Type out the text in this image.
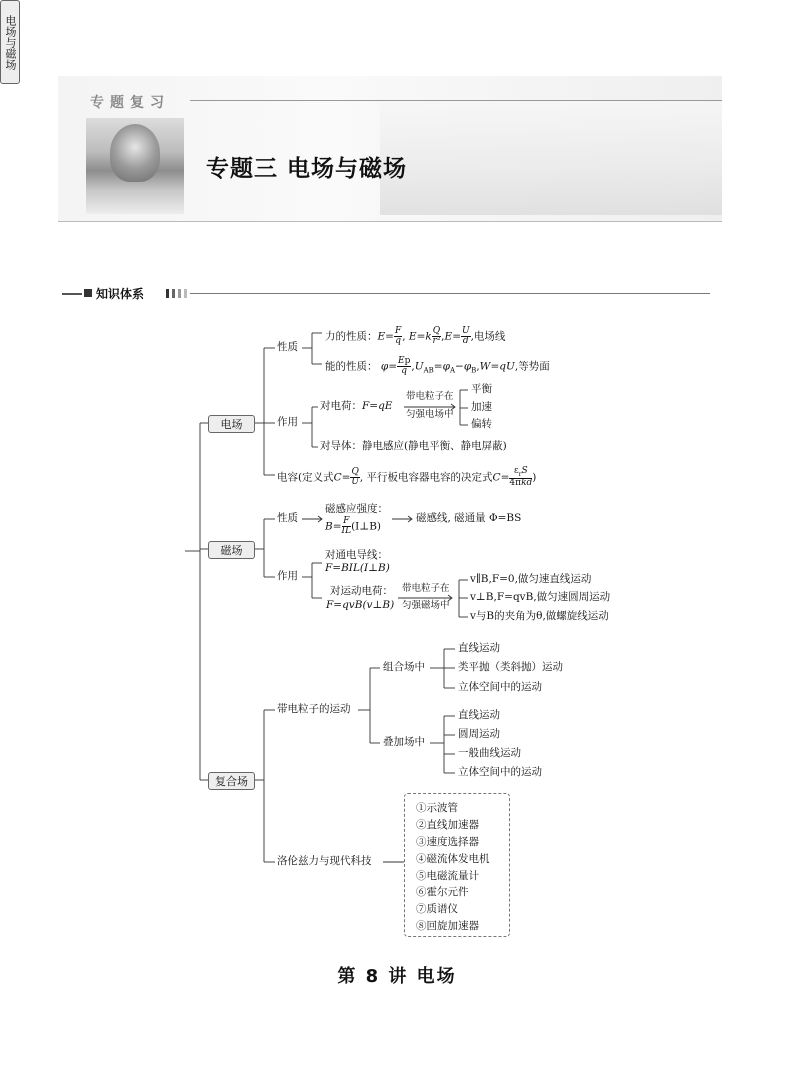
专题复习
专题三 电场与磁场
知识体系
电场与磁场
电场
磁场
复合场
性质
力的性质：$E= \frac{F}{q}$ , $E=k \frac{Q}{\text{r²}} ,E= \frac{U}{d}$ ,电场线
能的性质： $\varphi= \frac{Ep}{q} ,U_{AB}=\varphi_A-\varphi_B,W=qU$,等势面
作用
对电荷：F=qE
带电粒子在
匀强电场中
平衡
加速
偏转
对导体：静电感应(静电平衡、静电屏蔽)
电容(定义式$C= \frac{Q}{U}$ , 平行板电容器电容的决定式$C= \frac{\varepsilon_rS}{\text{4πkd}}$ )
性质
磁感应强度：
$B= \frac{F}{IL}$ (I⊥B)
磁感线, 磁通量 Φ=BS
作用
对通电导线：
F=BIL(I⊥B)
对运动电荷：
F=qvB(v⊥B)
带电粒子在
匀强磁场中
v∥B,F=0,做匀速直线运动
v⊥B,F=qvB,做匀速圆周运动
v与B的夹角为θ,做螺旋线运动
带电粒子的运动
组合场中
直线运动
类平抛（类斜抛）运动
立体空间中的运动
叠加场中
直线运动
圆周运动
一般曲线运动
立体空间中的运动
洛伦兹力与现代科技
①示波管
②直线加速器
③速度选择器
④磁流体发电机
⑤电磁流量计
⑥霍尔元件
⑦质谱仪
⑧回旋加速器
第 8 讲 电场
